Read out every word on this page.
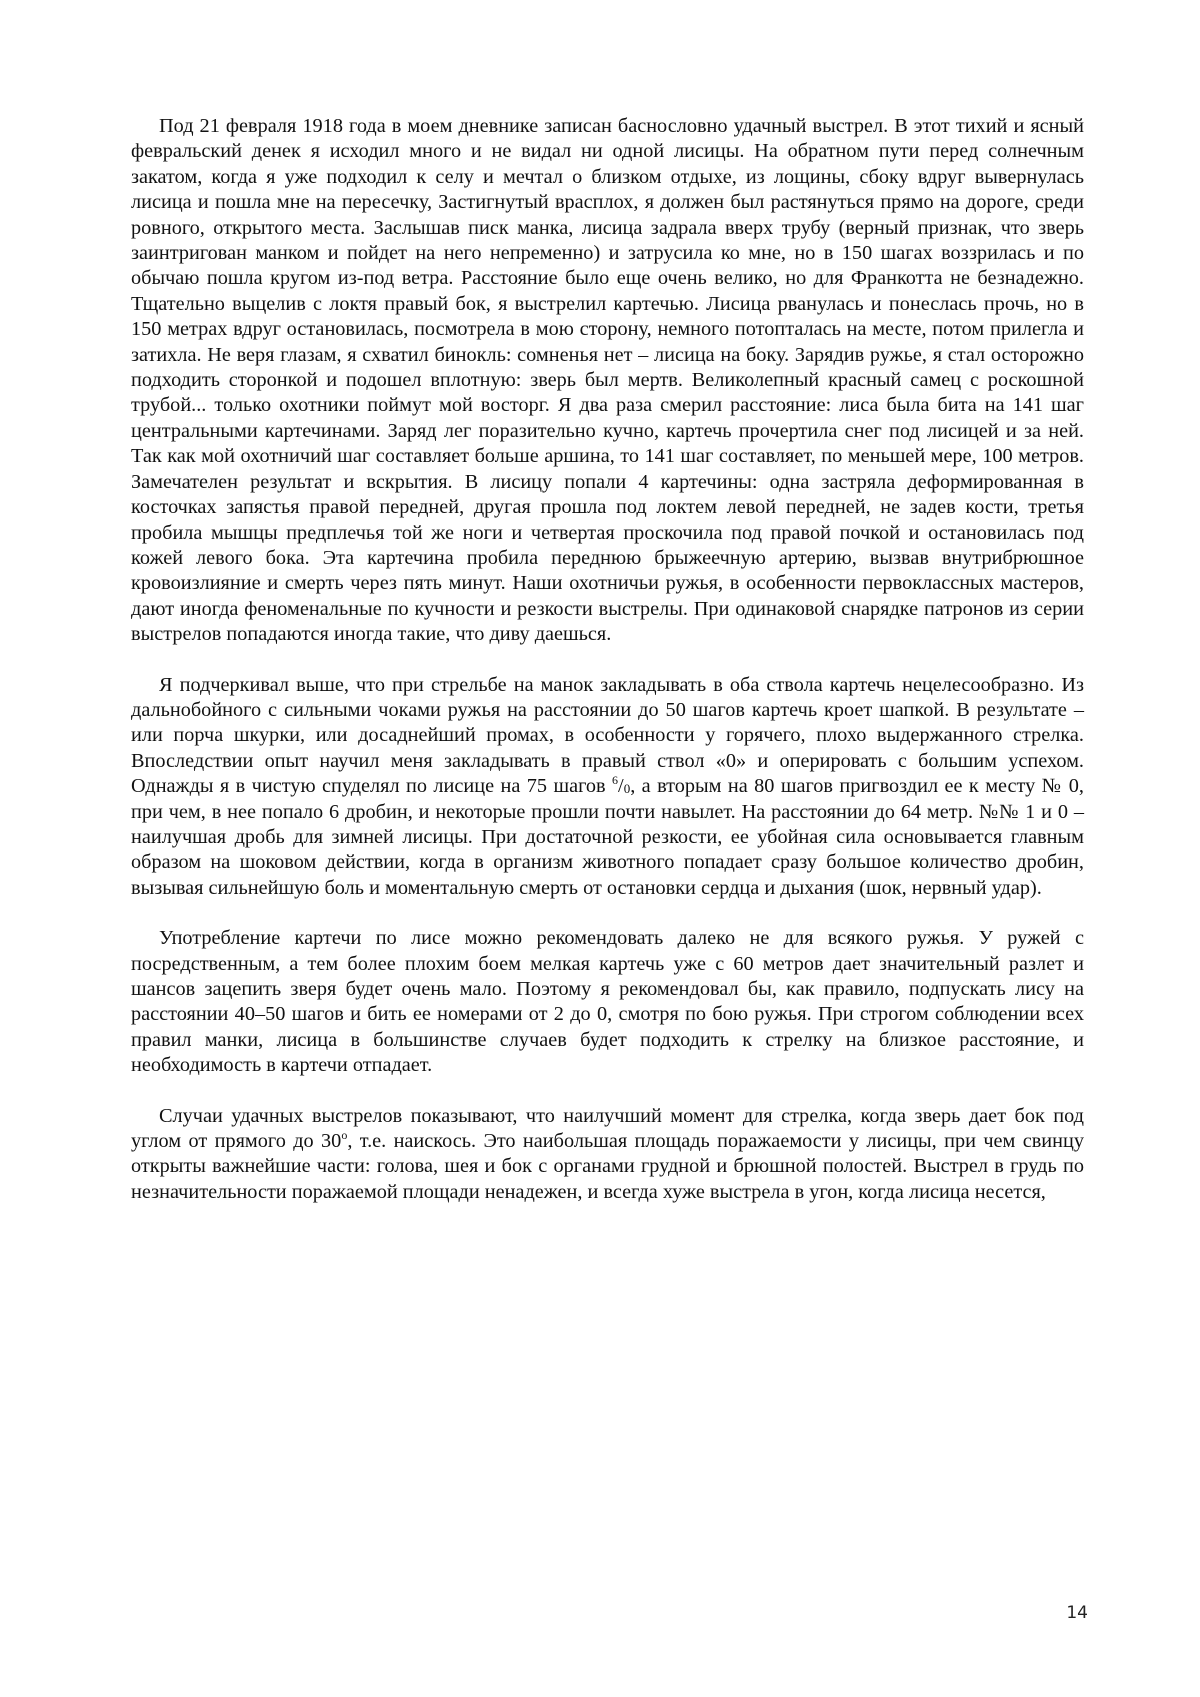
Под 21 февраля 1918 года в моем дневнике записан баснословно удачный выстрел. В этот тихий и ясный февральский денек я исходил много и не видал ни одной лисицы. На обратном пути перед солнечным закатом, когда я уже подходил к селу и мечтал о близком отдыхе, из лощины, сбоку вдруг вывернулась лисица и пошла мне на пересечку, Застигнутый врасплох, я должен был растянуться прямо на дороге, среди ровного, открытого места. Заслышав писк манка, лисица задрала вверх трубу (верный признак, что зверь заинтригован манком и пойдет на него непременно) и затрусила ко мне, но в 150 шагах воззрилась и по обычаю пошла кругом из-под ветра. Расстояние было еще очень велико, но для Франкотта не безнадежно. Тщательно выцелив с локтя правый бок, я выстрелил картечью. Лисица рванулась и понеслась прочь, но в 150 метрах вдруг остановилась, посмотрела в мою сторону, немного потопталась на месте, потом прилегла и затихла. Не веря глазам, я схватил бинокль: сомненья нет – лисица на боку. Зарядив ружье, я стал осторожно подходить сторонкой и подошел вплотную: зверь был мертв. Великолепный красный самец с роскошной трубой... только охотники поймут мой восторг. Я два раза смерил расстояние: лиса была бита на 141 шаг центральными картечинами. Заряд лег поразительно кучно, картечь прочертила снег под лисицей и за ней. Так как мой охотничий шаг составляет больше аршина, то 141 шаг составляет, по меньшей мере, 100 метров. Замечателен результат и вскрытия. В лисицу попали 4 картечины: одна застряла деформированная в косточках запястья правой передней, другая прошла под локтем левой передней, не задев кости, третья пробила мышцы предплечья той же ноги и четвертая проскочила под правой почкой и остановилась под кожей левого бока. Эта картечина пробила переднюю брыжеечную артерию, вызвав внутрибрюшное кровоизлияние и смерть через пять минут. Наши охотничьи ружья, в особенности первоклассных мастеров, дают иногда феноменальные по кучности и резкости выстрелы. При одинаковой снарядке патронов из серии выстрелов попадаются иногда такие, что диву даешься.

Я подчеркивал выше, что при стрельбе на манок закладывать в оба ствола картечь нецелесообразно. Из дальнобойного с сильными чоками ружья на расстоянии до 50 шагов картечь кроет шапкой. В результате – или порча шкурки, или досаднейший промах, в особенности у горячего, плохо выдержанного стрелка. Впоследствии опыт научил меня закладывать в правый ствол «0» и оперировать с большим успехом. Однажды я в чистую спуделял по лисице на 75 шагов $^6/_0$, а вторым на 80 шагов пригвоздил ее к месту № 0, при чем, в нее попало 6 дробин, и некоторые прошли почти навылет. На расстоянии до 64 метр. №№ 1 и 0 – наилучшая дробь для зимней лисицы. При достаточной резкости, ее убойная сила основывается главным образом на шоковом действии, когда в организм животного попадает сразу большое количество дробин, вызывая сильнейшую боль и моментальную смерть от остановки сердца и дыхания (шок, нервный удар).

Употребление картечи по лисе можно рекомендовать далеко не для всякого ружья. У ружей с посредственным, а тем более плохим боем мелкая картечь уже с 60 метров дает значительный разлет и шансов зацепить зверя будет очень мало. Поэтому я рекомендовал бы, как правило, подпускать лису на расстоянии 40–50 шагов и бить ее номерами от 2 до 0, смотря по бою ружья. При строгом соблюдении всех правил манки, лисица в большинстве случаев будет подходить к стрелку на близкое расстояние, и необходимость в картечи отпадает.

Случаи удачных выстрелов показывают, что наилучший момент для стрелка, когда зверь дает бок под углом от прямого до 30$^o$, т.е. наискось. Это наибольшая площадь поражаемости у лисицы, при чем свинцу открыты важнейшие части: голова, шея и бок с органами грудной и брюшной полостей. Выстрел в грудь по незначительности поражаемой площади ненадежен, и всегда хуже выстрела в угон, когда лисица несется,

14
